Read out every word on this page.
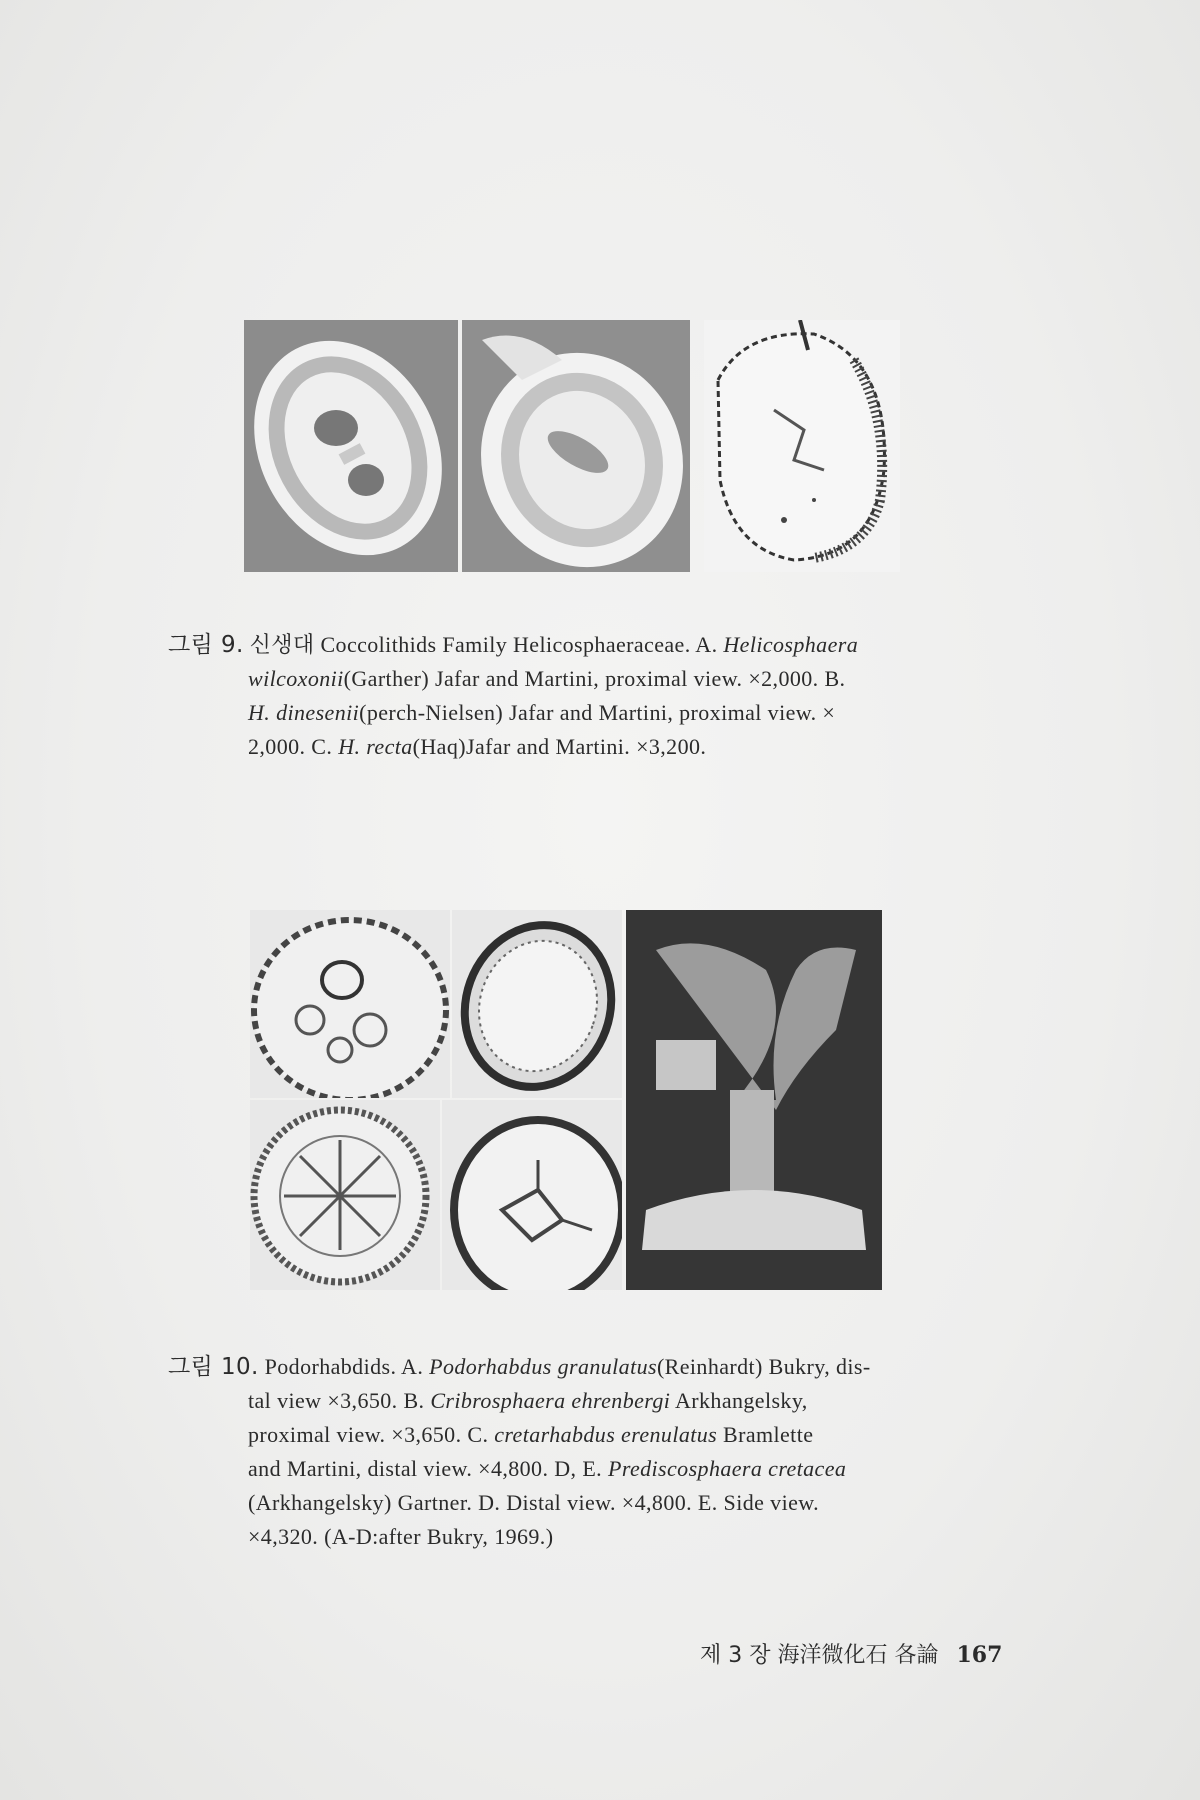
그림 9. 신생대 Coccolithids Family Helicosphaeraceae. A. Helicosphaera
wilcoxonii(Garther) Jafar and Martini, proximal view. ×2,000. B.
H. dinesenii(perch-Nielsen) Jafar and Martini, proximal view. ×
2,000. C. H. recta(Haq)Jafar and Martini. ×3,200.
그림 10. Podorhabdids. A. Podorhabdus granulatus(Reinhardt) Bukry, dis-
tal view ×3,650. B. Cribrosphaera ehrenbergi Arkhangelsky,
proximal view. ×3,650. C. cretarhabdus erenulatus Bramlette
and Martini, distal view. ×4,800. D, E. Prediscosphaera cretacea
(Arkhangelsky) Gartner. D. Distal view. ×4,800. E. Side view.
×4,320. (A-D:after Bukry, 1969.)
제 3 장 海洋微化石 各論 167
